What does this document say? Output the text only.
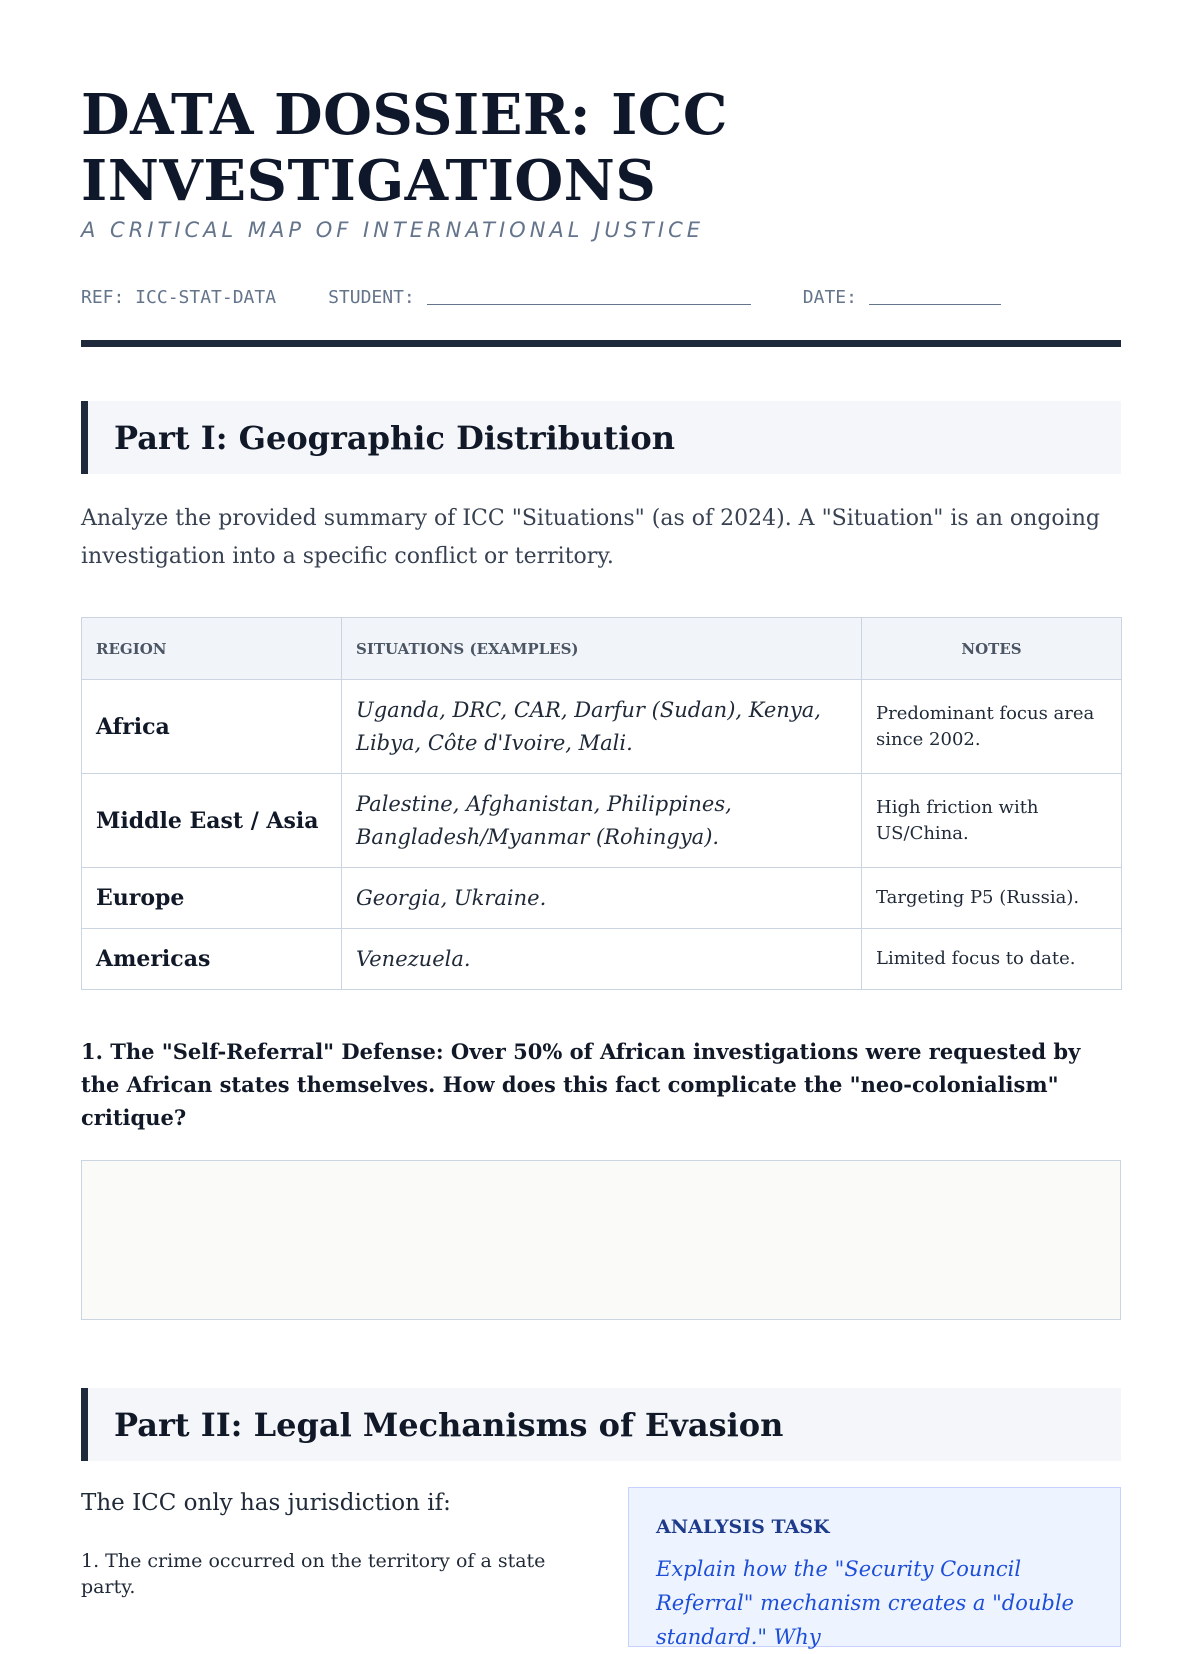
DATA DOSSIER: ICC INVESTIGATIONS

A CRITICAL MAP OF INTERNATIONAL JUSTICE

REF: ICC-STAT-DATA	STUDENT:	DATE:
Part I: Geographic Distribution

Analyze the provided summary of ICC "Situations" (as of 2024). A "Situation" is an ongoing investigation into a specific conflict or territory.

REGION	SITUATIONS (EXAMPLES)	NOTES
Africa	Uganda, DRC, CAR, Darfur (Sudan), Kenya, Libya, Côte d'Ivoire, Mali.	Predominant focus area since 2002.
Middle East / Asia	Palestine, Afghanistan, Philippines, Bangladesh/Myanmar (Rohingya).	High friction with US/China.
Europe	Georgia, Ukraine.	Targeting P5 (Russia).
Americas	Venezuela.	Limited focus to date.

1. The "Self-Referral" Defense: Over 50% of African investigations were requested by the African states themselves. How does this fact complicate the "neo-colonialism" critique?

Part II: Legal Mechanisms of Evasion

The ICC only has jurisdiction if:

1. The crime occurred on the territory of a state party.

ANALYSIS TASK

Explain how the "Security Council Referral" mechanism creates a "double standard." Why
